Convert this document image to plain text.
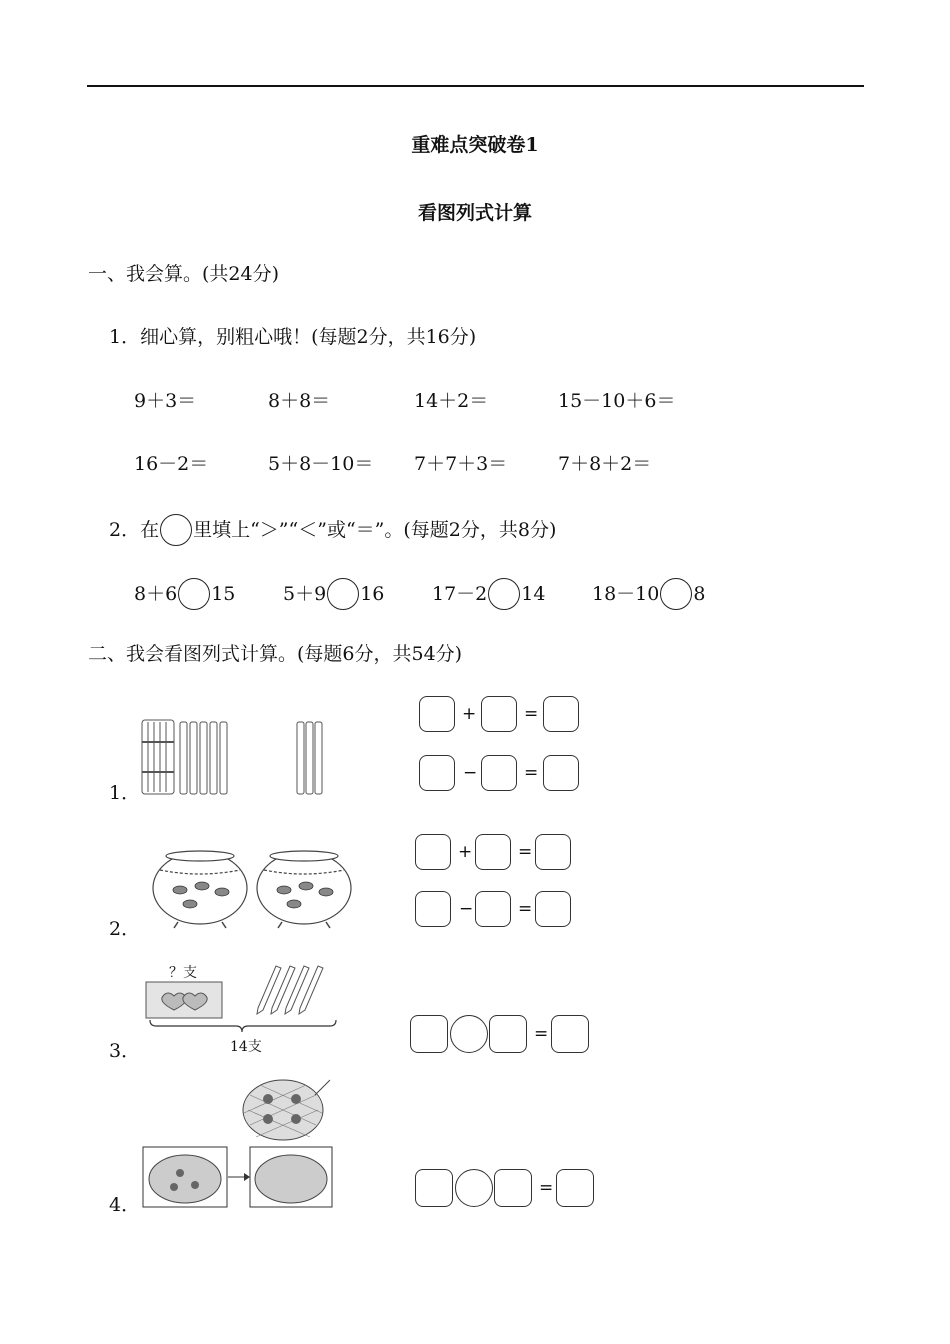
重难点突破卷1
看图列式计算
一、我会算。(共24分)
1．细心算，别粗心哦！(每题2分，共16分)
9＋3＝	8＋8＝	14＋2＝	15－10＋6＝
16－2＝	5＋8－10＝ 7＋7＋3＝	7＋8＋2＝
2．在 里填上“＞”“＜”或“＝”。(每题2分，共8分)
8＋6 15	5＋9 16	17－2 14 18－10 8
二、我会看图列式计算。(每题6分，共54分)
1．
+	=
−	=
2．
+	=
−	=
3．
？支
14支
=
4．
=
